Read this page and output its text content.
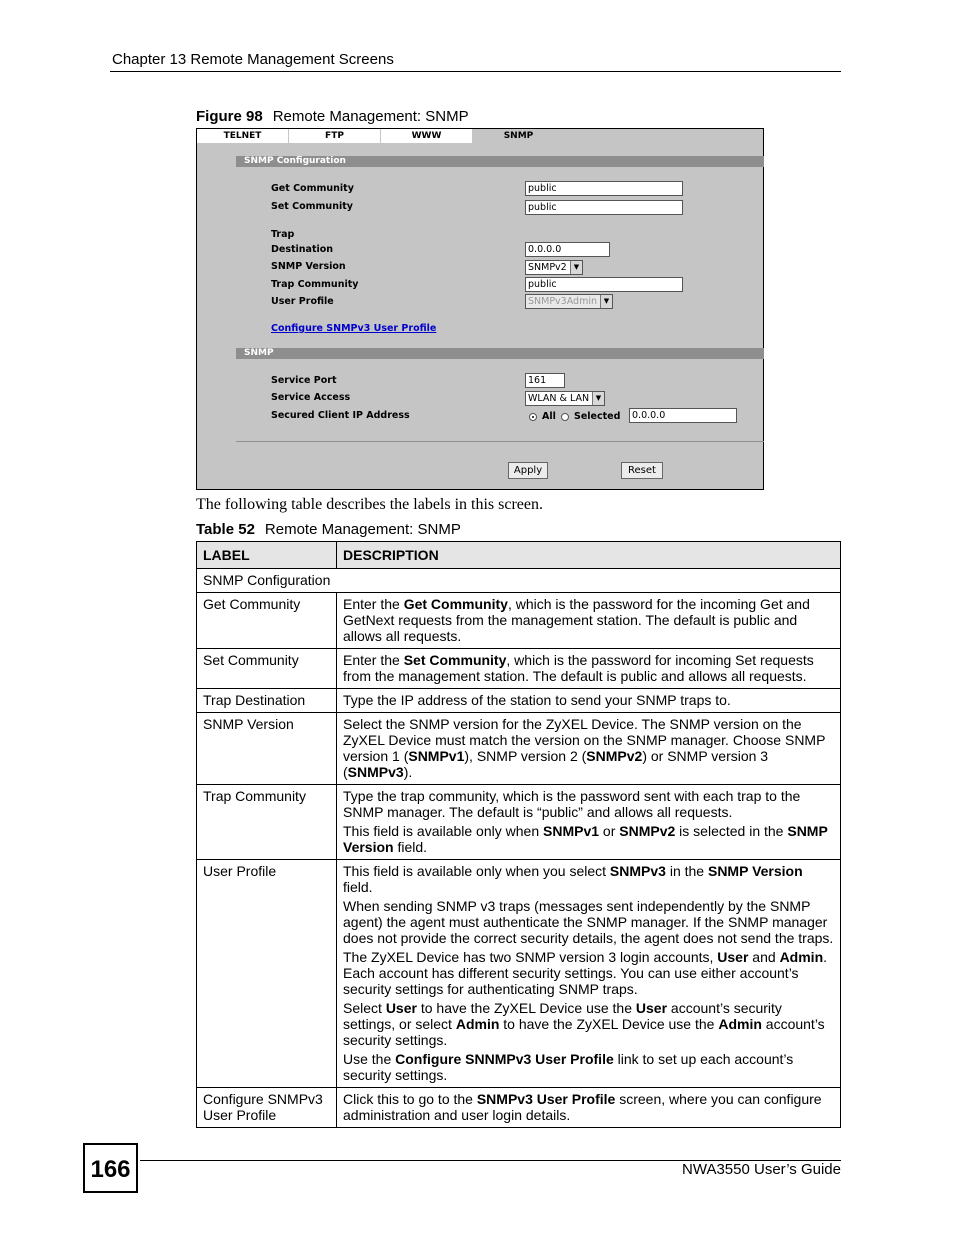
Chapter 13 Remote Management Screens
Figure 98 Remote Management: SNMP
TELNET	FTP	WWW	SNMP
SNMP Configuration
Get Community	public
Set Community	public
Trap
Destination	0.0.0.0
SNMP Version	SNMPv2	▼
Trap Community	public
User Profile	SNMPv3Admin ▼
Configure SNMPv3 User Profile
SNMP
Service Port	161
Service Access	WLAN & LAN ▼
Secured Client IP Address	All Selected	0.0.0.0
Apply	Reset
The following table describes the labels in this screen.
Table 52 Remote Management: SNMP
LABEL	DESCRIPTION
SNMP Configuration	
Get Community	Enter the Get Community, which is the password for the incoming Get and GetNext requests from the management station. The default is public and allows all requests.
Set Community	Enter the Set Community, which is the password for incoming Set requests from the management station. The default is public and allows all requests.
Trap Destination	Type the IP address of the station to send your SNMP traps to.
SNMP Version	Select the SNMP version for the ZyXEL Device. The SNMP version on the ZyXEL Device must match the version on the SNMP manager. Choose SNMP version 1 (SNMPv1), SNMP version 2 (SNMPv2) or SNMP version 3 (SNMPv3).
Trap Community	Type the trap community, which is the password sent with each trap to the SNMP manager. The default is “public” and allows all requests.

This field is available only when SNMPv1 or SNMPv2 is selected in the SNMP Version field.

User Profile	This field is available only when you select SNMPv3 in the SNMP Version field.

When sending SNMP v3 traps (messages sent independently by the SNMP agent) the agent must authenticate the SNMP manager. If the SNMP manager does not provide the correct security details, the agent does not send the traps.

The ZyXEL Device has two SNMP version 3 login accounts, User and Admin. Each account has different security settings. You can use either account’s security settings for authenticating SNMP traps.

Select User to have the ZyXEL Device use the User account’s security settings, or select Admin to have the ZyXEL Device use the Admin account’s security settings.

Use the Configure SNNMPv3 User Profile link to set up each account’s security settings.

Configure SNMPv3 User Profile	Click this to go to the SNMPv3 User Profile screen, where you can configure administration and user login details.
166	NWA3550 User’s Guide
